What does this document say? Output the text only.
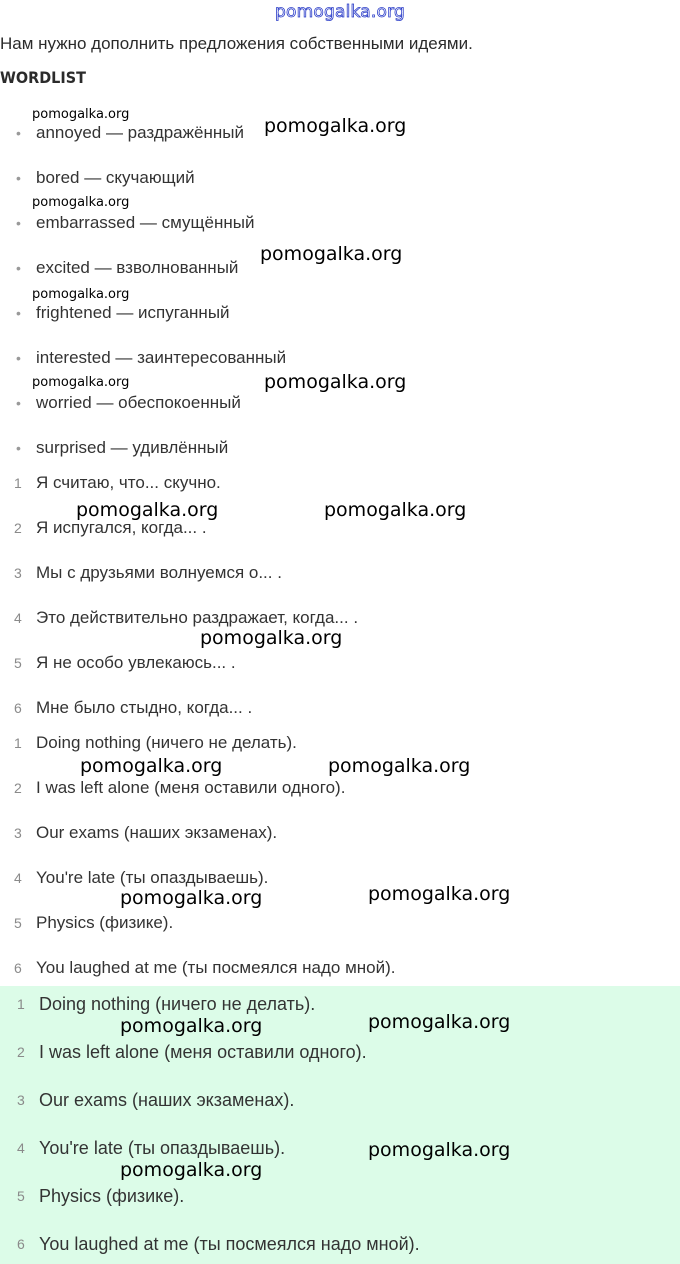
pomogalka.org
Нам нужно дополнить предложения собственными идеями.
WORDLIST
• annoyed — раздражённый
• bored — скучающий
• embarrassed — смущённый
• excited — взволнованный
• frightened — испуганный
• interested — заинтересованный
• worried — обеспокоенный
• surprised — удивлённый
1 Я считаю, что... скучно.
2 Я испугался, когда... .
3 Мы с друзьями волнуемся о... .
4 Это действительно раздражает, когда... .
5 Я не особо увлекаюсь... .
6 Мне было стыдно, когда... .
1 Doing nothing (ничего не делать).
2 I was left alone (меня оставили одного).
3 Our exams (наших экзаменах).
4 You're late (ты опаздываешь).
5 Physics (физике).
6 You laughed at me (ты посмеялся надо мной).
1 Doing nothing (ничего не делать).
2 I was left alone (меня оставили одного).
3 Our exams (наших экзаменах).
4 You're late (ты опаздываешь).
5 Physics (физике).
6 You laughed at me (ты посмеялся надо мной).
pomogalka.org
pomogalka.org
pomogalka.org
pomogalka.org
pomogalka.org
pomogalka.org	pomogalka.org
pomogalka.org	pomogalka.org
pomogalka.org
pomogalka.org	pomogalka.org
pomogalka.org	pomogalka.org
pomogalka.org	pomogalka.org
pomogalka.org
pomogalka.org
